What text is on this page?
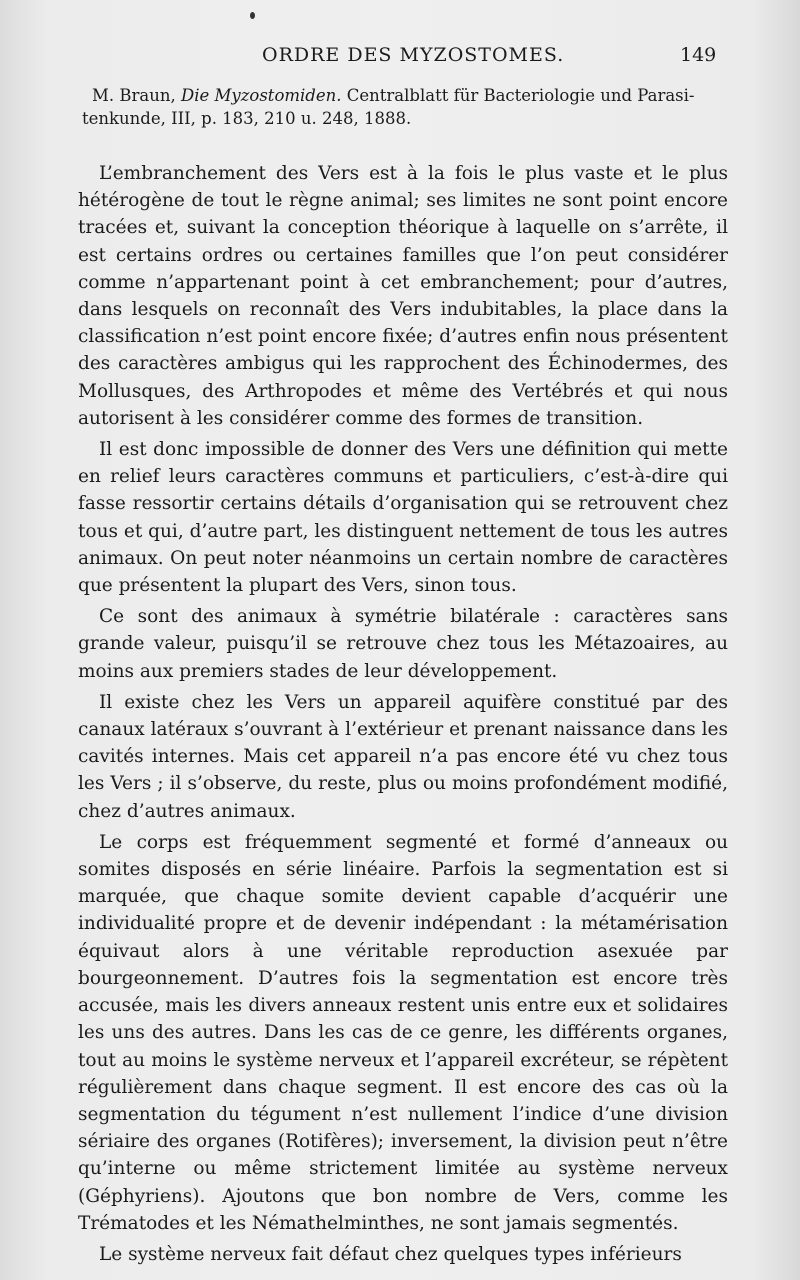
ORDRE DES MYZOSTOMES.	149
M. Braun, Die Myzostomiden. Centralblatt für Bacteriologie und Parasi-
tenkunde, III, p. 183, 210 u. 248, 1888.

L’embranchement des Vers est à la fois le plus vaste et le plus hétérogène de tout le règne animal; ses limites ne sont point encore tracées et, suivant la conception théorique à laquelle on s’arrête, il est certains ordres ou certaines familles que l’on peut considérer comme n’appartenant point à cet embranchement; pour d’autres, dans lesquels on reconnaît des Vers indubitables, la place dans la classification n’est point encore fixée; d’autres enfin nous présentent des caractères ambigus qui les rapprochent des Échinodermes, des Mollusques, des Arthropodes et même des Vertébrés et qui nous autorisent à les considérer comme des formes de transition.

Il est donc impossible de donner des Vers une définition qui mette en relief leurs caractères communs et particuliers, c’est-à-dire qui fasse ressortir certains détails d’organisation qui se retrouvent chez tous et qui, d’autre part, les distinguent nettement de tous les autres animaux. On peut noter néanmoins un certain nombre de caractères que présentent la plupart des Vers, sinon tous.

Ce sont des animaux à symétrie bilatérale : caractères sans grande valeur, puisqu’il se retrouve chez tous les Métazoaires, au moins aux premiers stades de leur développement.

Il existe chez les Vers un appareil aquifère constitué par des canaux latéraux s’ouvrant à l’extérieur et prenant naissance dans les cavités internes. Mais cet appareil n’a pas encore été vu chez tous les Vers ; il s’observe, du reste, plus ou moins profondément modifié, chez d’autres animaux.

Le corps est fréquemment segmenté et formé d’anneaux ou somites disposés en série linéaire. Parfois la segmentation est si marquée, que chaque somite devient capable d’acquérir une individualité propre et de devenir indépendant : la métamérisation équivaut alors à une véritable reproduction asexuée par bourgeonnement. D’autres fois la segmentation est encore très accusée, mais les divers anneaux restent unis entre eux et solidaires les uns des autres. Dans les cas de ce genre, les différents organes, tout au moins le système nerveux et l’appareil excréteur, se répètent régulièrement dans chaque segment. Il est encore des cas où la segmentation du tégument n’est nullement l’indice d’une division sériaire des organes (Rotifères); inversement, la division peut n’être qu’interne ou même strictement limitée au système nerveux (Géphyriens). Ajoutons que bon nombre de Vers, comme les Trématodes et les Némathelminthes, ne sont jamais segmentés.

Le système nerveux fait défaut chez quelques types inférieurs
